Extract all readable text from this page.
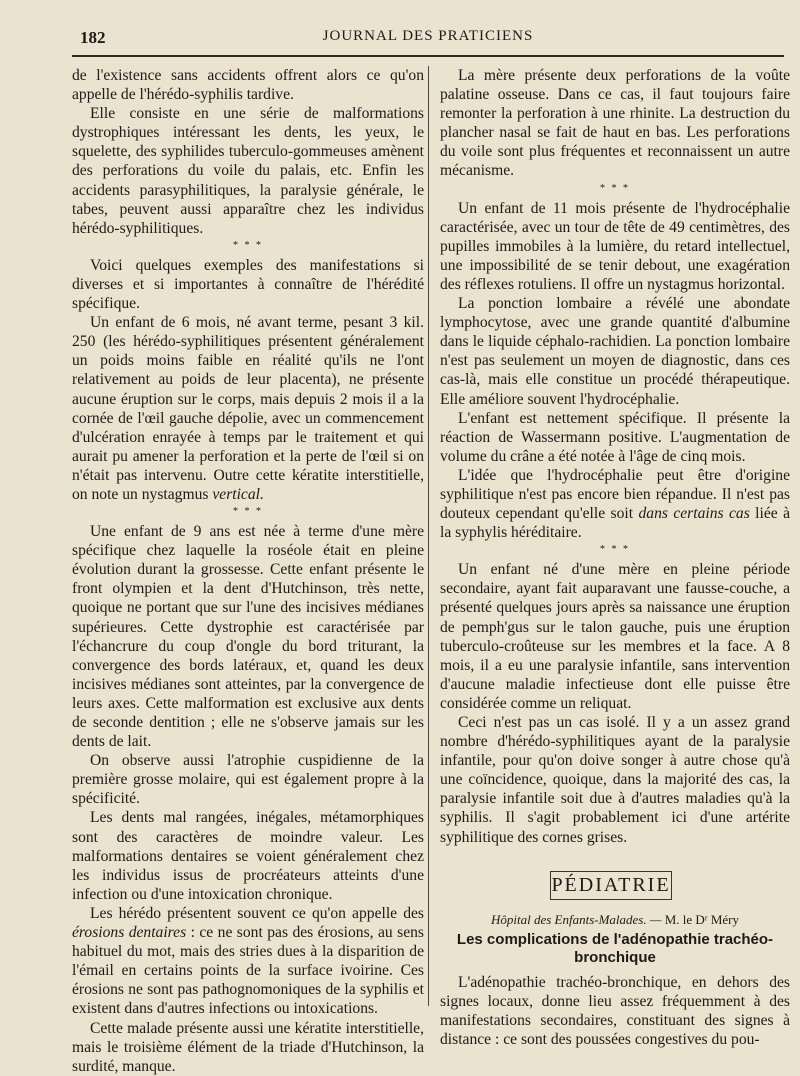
182	JOURNAL DES PRATICIENS

de l'existence sans accidents offrent alors ce qu'on appelle de l'hérédo-syphilis tardive.

Elle consiste en une série de malformations dystrophiques intéressant les dents, les yeux, le squelette, des syphilides tuberculo-gommeuses amènent des perforations du voile du palais, etc. Enfin les accidents parasyphilitiques, la paralysie générale, le tabes, peuvent aussi apparaître chez les individus hérédo-syphilitiques.

* * *

Voici quelques exemples des manifestations si diverses et si importantes à connaître de l'hérédité spécifique.

Un enfant de 6 mois, né avant terme, pesant 3 kil. 250 (les hérédo-syphilitiques présentent généralement un poids moins faible en réalité qu'ils ne l'ont relativement au poids de leur placenta), ne présente aucune éruption sur le corps, mais depuis 2 mois il a la cornée de l'œil gauche dépolie, avec un commencement d'ulcération enrayée à temps par le traitement et qui aurait pu amener la perforation et la perte de l'œil si on n'était pas intervenu. Outre cette kératite interstitielle, on note un nystagmus vertical.

* * *

Une enfant de 9 ans est née à terme d'une mère spécifique chez laquelle la roséole était en pleine évolution durant la grossesse. Cette enfant présente le front olympien et la dent d'Hutchinson, très nette, quoique ne portant que sur l'une des incisives médianes supérieures. Cette dystrophie est caractérisée par l'échancrure du coup d'ongle du bord triturant, la convergence des bords latéraux, et, quand les deux incisives médianes sont atteintes, par la convergence de leurs axes. Cette malformation est exclusive aux dents de seconde dentition ; elle ne s'observe jamais sur les dents de lait.

On observe aussi l'atrophie cuspidienne de la première grosse molaire, qui est également propre à la spécificité.

Les dents mal rangées, inégales, métamorphiques sont des caractères de moindre valeur. Les malformations dentaires se voient généralement chez les individus issus de procréateurs atteints d'une infection ou d'une intoxication chronique.

Les hérédo présentent souvent ce qu'on appelle des érosions dentaires : ce ne sont pas des érosions, au sens habituel du mot, mais des stries dues à la disparition de l'émail en certains points de la surface ivoirine. Ces érosions ne sont pas pathognomoniques de la syphilis et existent dans d'autres infections ou intoxications.

Cette malade présente aussi une kératite interstitielle, mais le troisième élément de la triade d'Hutchinson, la surdité, manque.

La mère présente deux perforations de la voûte palatine osseuse. Dans ce cas, il faut toujours faire remonter la perforation à une rhinite. La destruction du plancher nasal se fait de haut en bas. Les perforations du voile sont plus fréquentes et reconnaissent un autre mécanisme.

* * *

Un enfant de 11 mois présente de l'hydrocéphalie caractérisée, avec un tour de tête de 49 centimètres, des pupilles immobiles à la lumière, du retard intellectuel, une impossibilité de se tenir debout, une exagération des réflexes rotuliens. Il offre un nystagmus horizontal.

La ponction lombaire a révélé une abondate lymphocytose, avec une grande quantité d'albumine dans le liquide céphalo-rachidien. La ponction lombaire n'est pas seulement un moyen de diagnostic, dans ces cas-là, mais elle constitue un procédé thérapeutique. Elle améliore souvent l'hydrocéphalie.

L'enfant est nettement spécifique. Il présente la réaction de Wassermann positive. L'augmentation de volume du crâne a été notée à l'âge de cinq mois.

L'idée que l'hydrocéphalie peut être d'origine syphilitique n'est pas encore bien répandue. Il n'est pas douteux cependant qu'elle soit dans certains cas liée à la syphylis héréditaire.

* * *

Un enfant né d'une mère en pleine période secondaire, ayant fait auparavant une fausse-couche, a présenté quelques jours après sa naissance une éruption de pemph'gus sur le talon gauche, puis une éruption tuberculo-croûteuse sur les membres et la face. A 8 mois, il a eu une paralysie infantile, sans intervention d'aucune maladie infectieuse dont elle puisse être considérée comme un reliquat.

Ceci n'est pas un cas isolé. Il y a un assez grand nombre d'hérédo-syphilitiques ayant de la paralysie infantile, pour qu'on doive songer à autre chose qu'à une coïncidence, quoique, dans la majorité des cas, la paralysie infantile soit due à d'autres maladies qu'à la syphilis. Il s'agit probablement ici d'une artérite syphilitique des cornes grises.

PÉDIATRIE
Hôpital des Enfants-Malades. — M. le Dʳ Méry
Les complications de l'adénopathie trachéo-bronchique

L'adénopathie trachéo-bronchique, en dehors des signes locaux, donne lieu assez fréquemment à des manifestations secondaires, constituant des signes à distance : ce sont des poussées congestives du pou-
